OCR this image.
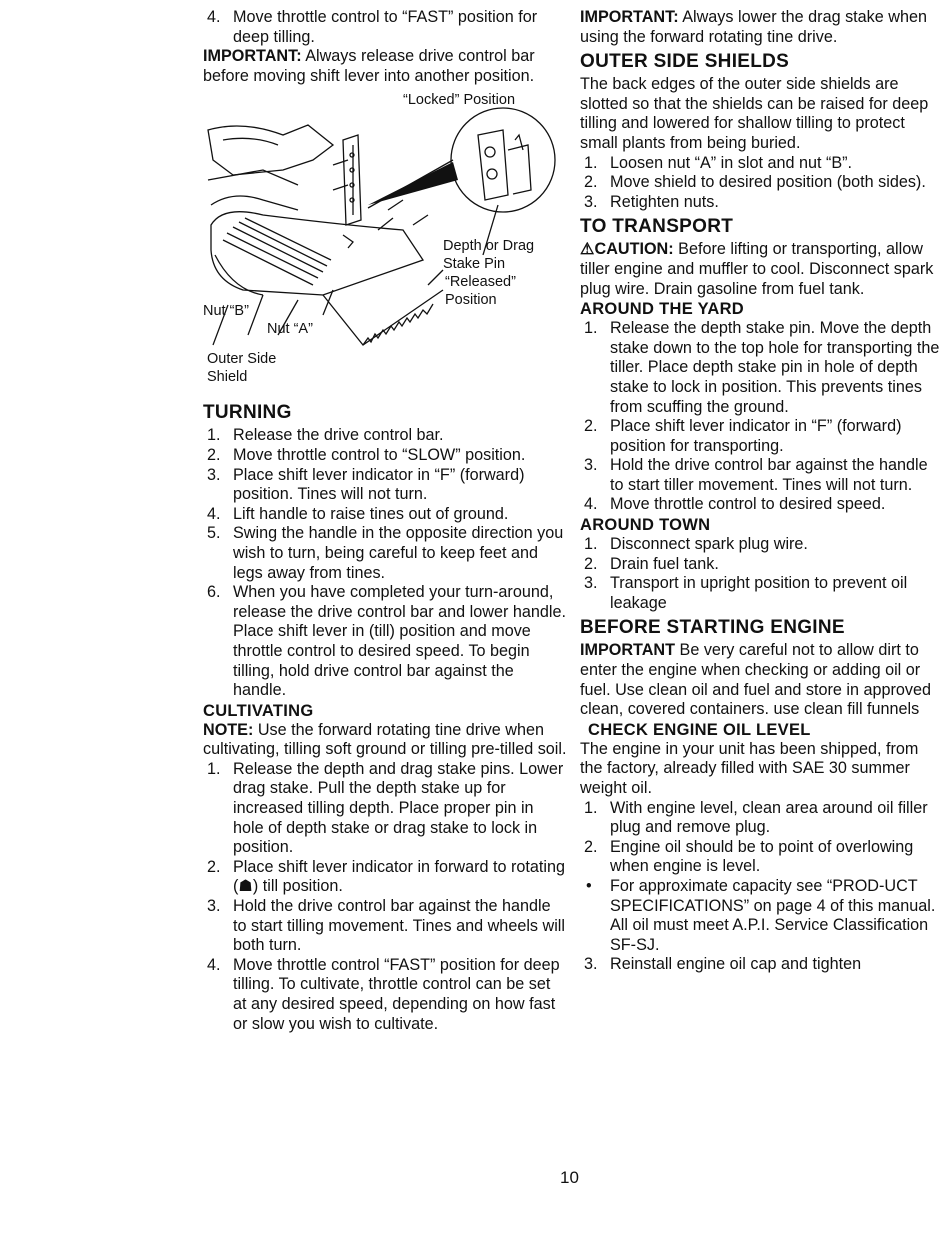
4. Move throttle control to “FAST” position for deep tilling.

IMPORTANT: Always release drive control bar before moving shift lever into another position.

“Locked” Position
Depth or Drag
Stake Pin
“Released”
Position
Nut “B”
Nut “A”
Outer Side
Shield
TURNING
1. Release the drive control bar.
2. Move throttle control to “SLOW” position.
3. Place shift lever indicator in “F” (forward) position. Tines will not turn.
4. Lift handle to raise tines out of ground.
5. Swing the handle in the opposite direction you wish to turn, being careful to keep feet and legs away from tines.
6. When you have completed your turn-around, release the drive control bar and lower handle. Place shift lever in (till) position and move throttle control to desired speed. To begin tilling, hold drive control bar against the handle.
CULTIVATING

NOTE: Use the forward rotating tine drive when cultivating, tilling soft ground or tilling pre-tilled soil.

1. Release the depth and drag stake pins. Lower drag stake. Pull the depth stake up for increased tilling depth. Place proper pin in hole of depth stake or drag stake to lock in position.
2. Place shift lever indicator in forward to rotating (☗) till position.
3. Hold the drive control bar against the handle to start tilling movement. Tines and wheels will both turn.
4. Move throttle control “FAST” position for deep tilling. To cultivate, throttle control can be set at any desired speed, depending on how fast or slow you wish to cultivate.

IMPORTANT: Always lower the drag stake when using the forward rotating tine drive.

OUTER SIDE SHIELDS

The back edges of the outer side shields are slotted so that the shields can be raised for deep tilling and lowered for shallow tilling to protect small plants from being buried.

1. Loosen nut “A” in slot and nut “B”.
2. Move shield to desired position (both sides).
3. Retighten nuts.
TO TRANSPORT

⚠CAUTION: Before lifting or transporting, allow tiller engine and muffler to cool. Disconnect spark plug wire. Drain gasoline from fuel tank.

AROUND THE YARD
1. Release the depth stake pin. Move the depth stake down to the top hole for transporting the tiller. Place depth stake pin in hole of depth stake to lock in position. This prevents tines from scuffing the ground.
2. Place shift lever indicator in “F” (forward) position for transporting.
3. Hold the drive control bar against the handle to start tiller movement. Tines will not turn.
4. Move throttle control to desired speed.
AROUND TOWN
1. Disconnect spark plug wire.
2. Drain fuel tank.
3. Transport in upright position to prevent oil leakage
BEFORE STARTING ENGINE

IMPORTANT Be very careful not to allow dirt to enter the engine when checking or adding oil or fuel. Use clean oil and fuel and store in approved clean, covered containers. use clean fill funnels

CHECK ENGINE OIL LEVEL

The engine in your unit has been shipped, from the factory, already filled with SAE 30 summer weight oil.

1. With engine level, clean area around oil filler plug and remove plug.
2. Engine oil should be to point of overlowing when engine is level.
• For approximate capacity see “PROD-UCT SPECIFICATIONS” on page 4 of this manual. All oil must meet A.P.I. Service Classification SF-SJ.
3. Reinstall engine oil cap and tighten
10
